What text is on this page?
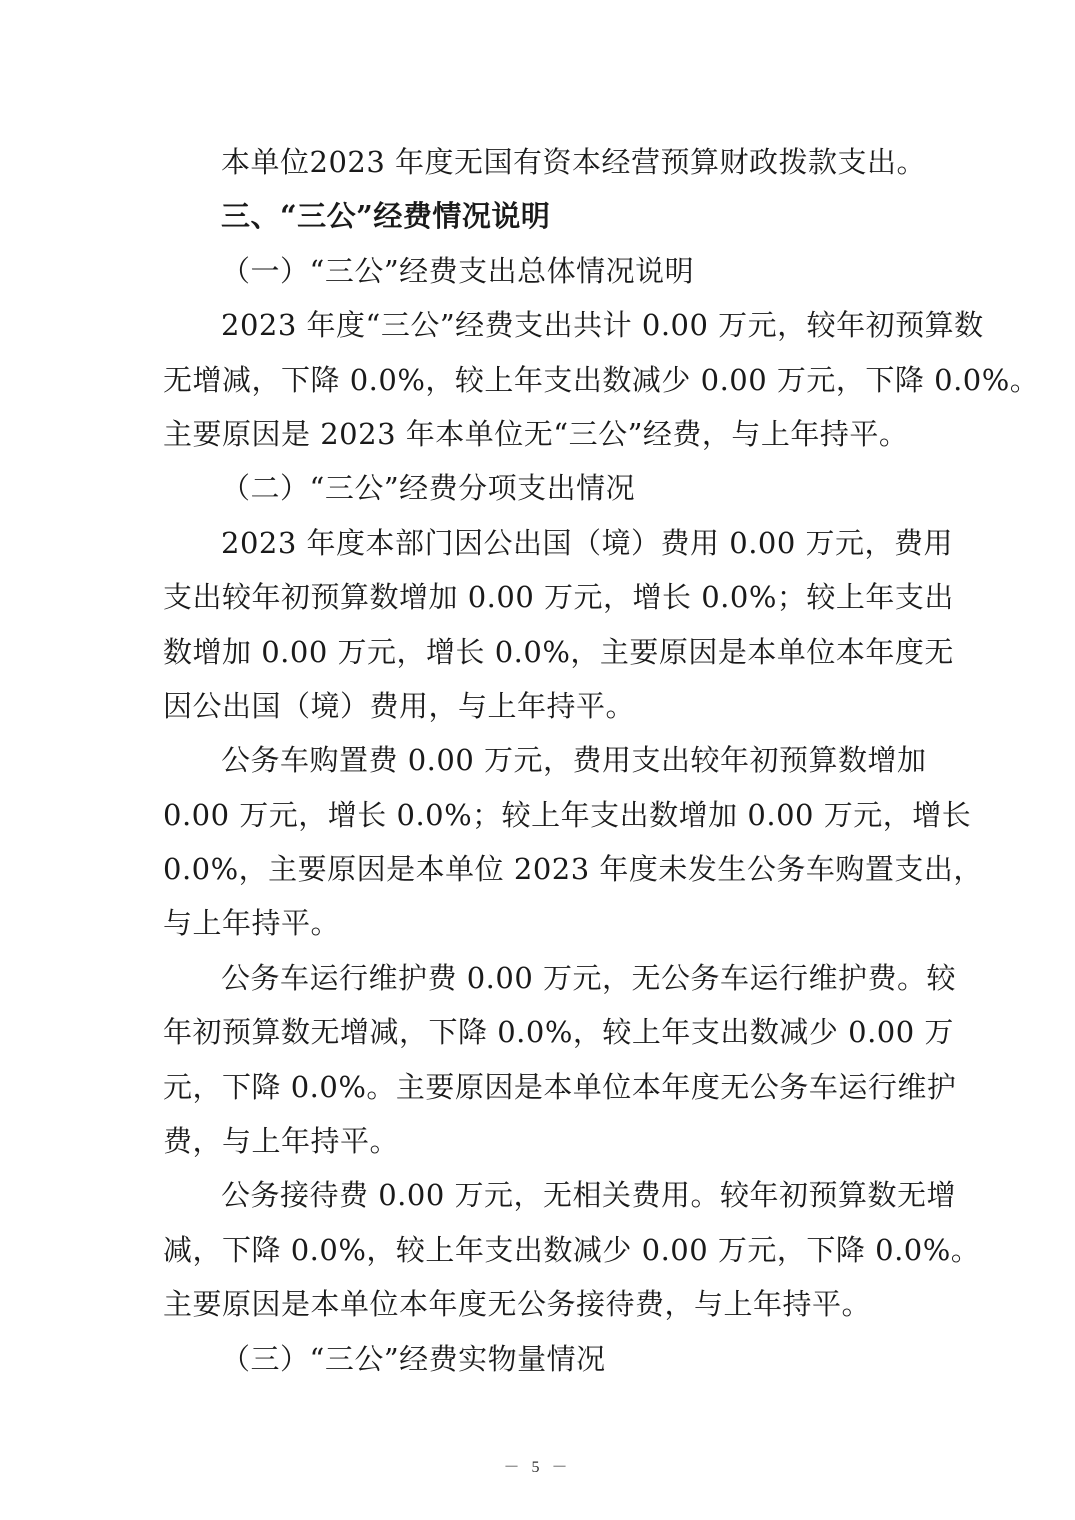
本单位2023 年度无国有资本经营预算财政拨款支出。
三、“三公”经费情况说明
（一）“三公”经费支出总体情况说明
2023 年度“三公”经费支出共计 0.00 万元，较年初预算数
无增减，下降 0.0%，较上年支出数减少 0.00 万元，下降 0.0%。
主要原因是 2023 年本单位无“三公”经费，与上年持平。
（二）“三公”经费分项支出情况
2023 年度本部门因公出国（境）费用 0.00 万元，费用
支出较年初预算数增加 0.00 万元，增长 0.0%；较上年支出
数增加 0.00 万元，增长 0.0%，主要原因是本单位本年度无
因公出国（境）费用，与上年持平。
公务车购置费 0.00 万元，费用支出较年初预算数增加
0.00 万元，增长 0.0%；较上年支出数增加 0.00 万元，增长
0.0%，主要原因是本单位 2023 年度未发生公务车购置支出，
与上年持平。
公务车运行维护费 0.00 万元，无公务车运行维护费。较
年初预算数无增减，下降 0.0%，较上年支出数减少 0.00 万
元，下降 0.0%。主要原因是本单位本年度无公务车运行维护
费，与上年持平。
公务接待费 0.00 万元，无相关费用。较年初预算数无增
减，下降 0.0%，较上年支出数减少 0.00 万元，下降 0.0%。
主要原因是本单位本年度无公务接待费，与上年持平。
（三）“三公”经费实物量情况
－ 5 －
